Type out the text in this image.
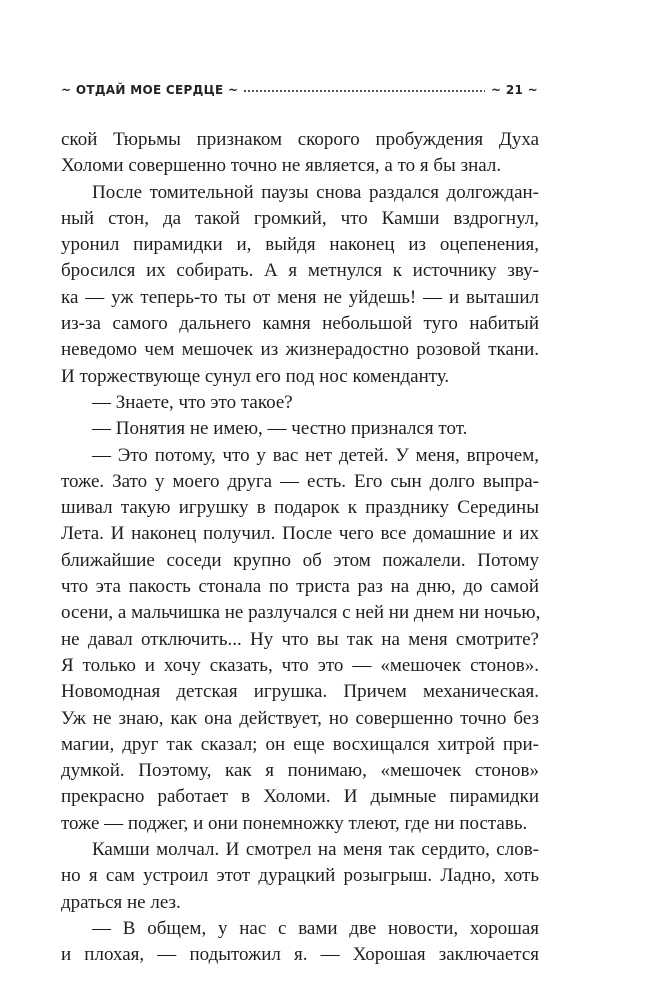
~ ОТДАЙ МОЕ СЕРДЦЕ ~	~ 21 ~
ской Тюрьмы признаком скорого пробуждения Духа
Холоми совершенно точно не является, а то я бы знал.
После томительной паузы снова раздался долгождан-
ный стон, да такой громкий, что Камши вздрогнул,
уронил пирамидки и, выйдя наконец из оцепенения,
бросился их собирать. А я метнулся к источнику зву-
ка — уж теперь-то ты от меня не уйдешь! — и выташил
из-за самого дальнего камня небольшой туго набитый
неведомо чем мешочек из жизнерадостно розовой ткани.
И торжествующе сунул его под нос коменданту.
— Знаете, что это такое?
— Понятия не имею, — честно признался тот.
— Это потому, что у вас нет детей. У меня, впрочем,
тоже. Зато у моего друга — есть. Его сын долго выпра-
шивал такую игрушку в подарок к празднику Середины
Лета. И наконец получил. После чего все домашние и их
ближайшие соседи крупно об этом пожалели. Потому
что эта пакость стонала по триста раз на дню, до самой
осени, а мальчишка не разлучался с ней ни днем ни ночью,
не давал отключить... Ну что вы так на меня смотрите?
Я только и хочу сказать, что это — «мешочек стонов».
Новомодная детская игрушка. Причем механическая.
Уж не знаю, как она действует, но совершенно точно без
магии, друг так сказал; он еще восхищался хитрой при-
думкой. Поэтому, как я понимаю, «мешочек стонов»
прекрасно работает в Холоми. И дымные пирамидки
тоже — поджег, и они понемножку тлеют, где ни поставь.
Камши молчал. И смотрел на меня так сердито, слов-
но я сам устроил этот дурацкий розыгрыш. Ладно, хоть
драться не лез.
— В общем, у нас с вами две новости, хорошая
и плохая, — подытожил я. — Хорошая заключается
